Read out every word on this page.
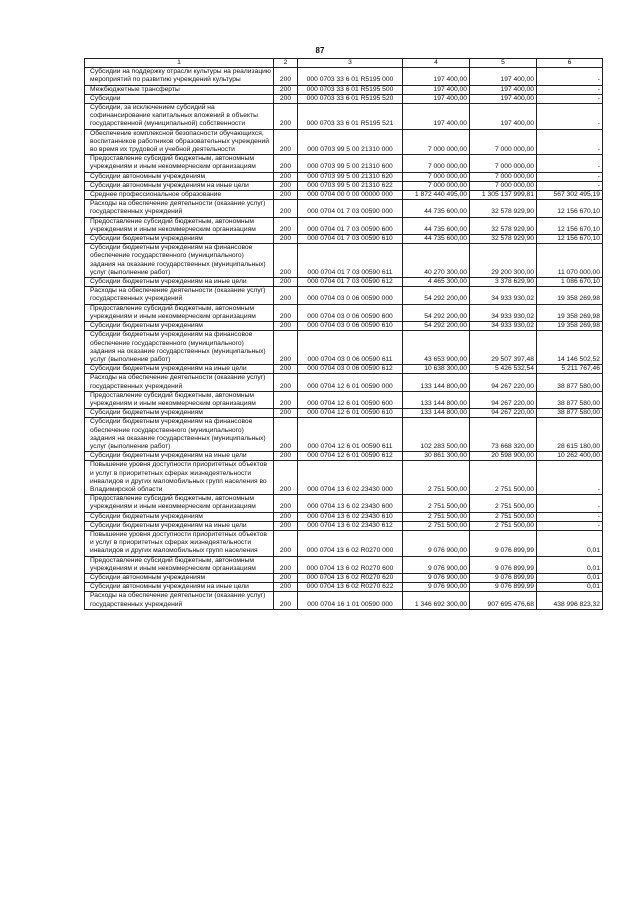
87
1	2	3	4	5	6

Субсидии на поддержку отрасли культуры на реализацию мероприятий по развитию учреждений культуры	200	000 0703 33 6 01 R5195 000	197 400,00	197 400,00	-

Межбюджетные трансферты	200	000 0703 33 6 01 R5195 500	197 400,00	197 400,00	-

Субсидии	200	000 0703 33 6 01 R5195 520	197 400,00	197 400,00	-

Субсидии, за исключением субсидий на софинансирование капитальных вложений в объекты государственной (муниципальной) собственности	200	000 0703 33 6 01 R5195 521	197 400,00	197 400,00	-

Обеспечение комплексной безопасности обучающихся, воспитанников работников образовательных учреждений во время их трудовой и учебной деятельности	200	000 0703 99 5 00 21310 000	7 000 000,00	7 000 000,00	-

Предоставление субсидий бюджетным, автономным учреждениям и иным некоммерческим организациям	200	000 0703 99 5 00 21310 600	7 000 000,00	7 000 000,00	-

Субсидии автономным учреждениям	200	000 0703 99 5 00 21310 620	7 000 000,00	7 000 000,00	-

Субсидии автономным учреждениям на иные цели	200	000 0703 99 5 00 21310 622	7 000 000,00	7 000 000,00	-

Среднее профессиональное образование	200	000 0704 00 0 00 00000 000	1 872 440 495,00	1 305 137 999,81	567 302 495,19

Расходы на обеспечение деятельности (оказание услуг) государственных учреждений	200	000 0704 01 7 03 00590 000	44 735 600,00	32 578 929,90	12 156 670,10

Предоставление субсидий бюджетным, автономным учреждениям и иным некоммерческим организациям	200	000 0704 01 7 03 00590 600	44 735 600,00	32 578 929,90	12 156 670,10

Субсидии бюджетным учреждениям	200	000 0704 01 7 03 00590 610	44 735 600,00	32 578 929,90	12 156 670,10

Субсидии бюджетным учреждениям на финансовое обеспечение государственного (муниципального) задания на оказание государственных (муниципальных) услуг (выполнение работ)	200	000 0704 01 7 03 00590 611	40 270 300,00	29 200 300,00	11 070 000,00

Субсидии бюджетным учреждениям на иные цели	200	000 0704 01 7 03 00590 612	4 465 300,00	3 378 629,90	1 086 670,10

Расходы на обеспечение деятельности (оказание услуг) государственных учреждений	200	000 0704 03 0 06 00590 000	54 292 200,00	34 933 930,02	19 358 269,98

Предоставление субсидий бюджетным, автономным учреждениям и иным некоммерческим организациям	200	000 0704 03 0 06 00590 600	54 292 200,00	34 933 930,02	19 358 269,98

Субсидии бюджетным учреждениям	200	000 0704 03 0 06 00590 610	54 292 200,00	34 933 930,02	19 358 269,98

Субсидии бюджетным учреждениям на финансовое обеспечение государственного (муниципального) задания на оказание государственных (муниципальных) услуг (выполнение работ)	200	000 0704 03 0 06 00590 611	43 653 900,00	29 507 397,48	14 146 502,52

Субсидии бюджетным учреждениям на иные цели	200	000 0704 03 0 06 00590 612	10 638 300,00	5 426 532,54	5 211 767,46

Расходы на обеспечение деятельности (оказание услуг) государственных учреждений	200	000 0704 12 6 01 00590 000	133 144 800,00	94 267 220,00	38 877 580,00

Предоставление субсидий бюджетным, автономным учреждениям и иным некоммерческим организациям	200	000 0704 12 6 01 00590 600	133 144 800,00	94 267 220,00	38 877 580,00

Субсидии бюджетным учреждениям	200	000 0704 12 6 01 00590 610	133 144 800,00	94 267 220,00	38 877 580,00

Субсидии бюджетным учреждениям на финансовое обеспечение государственного (муниципального) задания на оказание государственных (муниципальных) услуг (выполнение работ)	200	000 0704 12 6 01 00590 611	102 283 500,00	73 668 320,00	28 615 180,00

Субсидии бюджетным учреждениям на иные цели	200	000 0704 12 6 01 00590 612	30 861 300,00	20 598 900,00	10 262 400,00

Повышение уровня доступности приоритетных объектов и услуг в приоритетных сферах жизнедеятельности инвалидов и других маломобильных групп населения во Владимирской области	200	000 0704 13 6 02 23430 000	2 751 500,00	2 751 500,00	-

Предоставление субсидий бюджетным, автономным учреждениям и иным некоммерческим организациям	200	000 0704 13 6 02 23430 600	2 751 500,00	2 751 500,00	-

Субсидии бюджетным учреждениям	200	000 0704 13 6 02 23430 610	2 751 500,00	2 751 500,00	-

Субсидии бюджетным учреждениям на иные цели	200	000 0704 13 6 02 23430 612	2 751 500,00	2 751 500,00	-

Повышение уровня доступности приоритетных объектов и услуг в приоритетных сферах жизнедеятельности инвалидов и других маломобильных групп населения	200	000 0704 13 6 02 R0270 000	9 076 900,00	9 076 899,99	0,01

Предоставление субсидий бюджетным, автономным учреждениям и иным некоммерческим организациям	200	000 0704 13 6 02 R0270 600	9 076 900,00	9 076 899,99	0,01

Субсидии автономным учреждениям	200	000 0704 13 6 02 R0270 620	9 076 900,00	9 076 899,99	0,01

Субсидии автономным учреждениям на иные цели	200	000 0704 13 6 02 R0270 622	9 076 900,00	9 076 899,99	0,01

Расходы на обеспечение деятельности (оказание услуг) государственных учреждений	200	000 0704 16 1 01 00590 000	1 346 692 300,00	907 695 476,68	438 996 823,32
